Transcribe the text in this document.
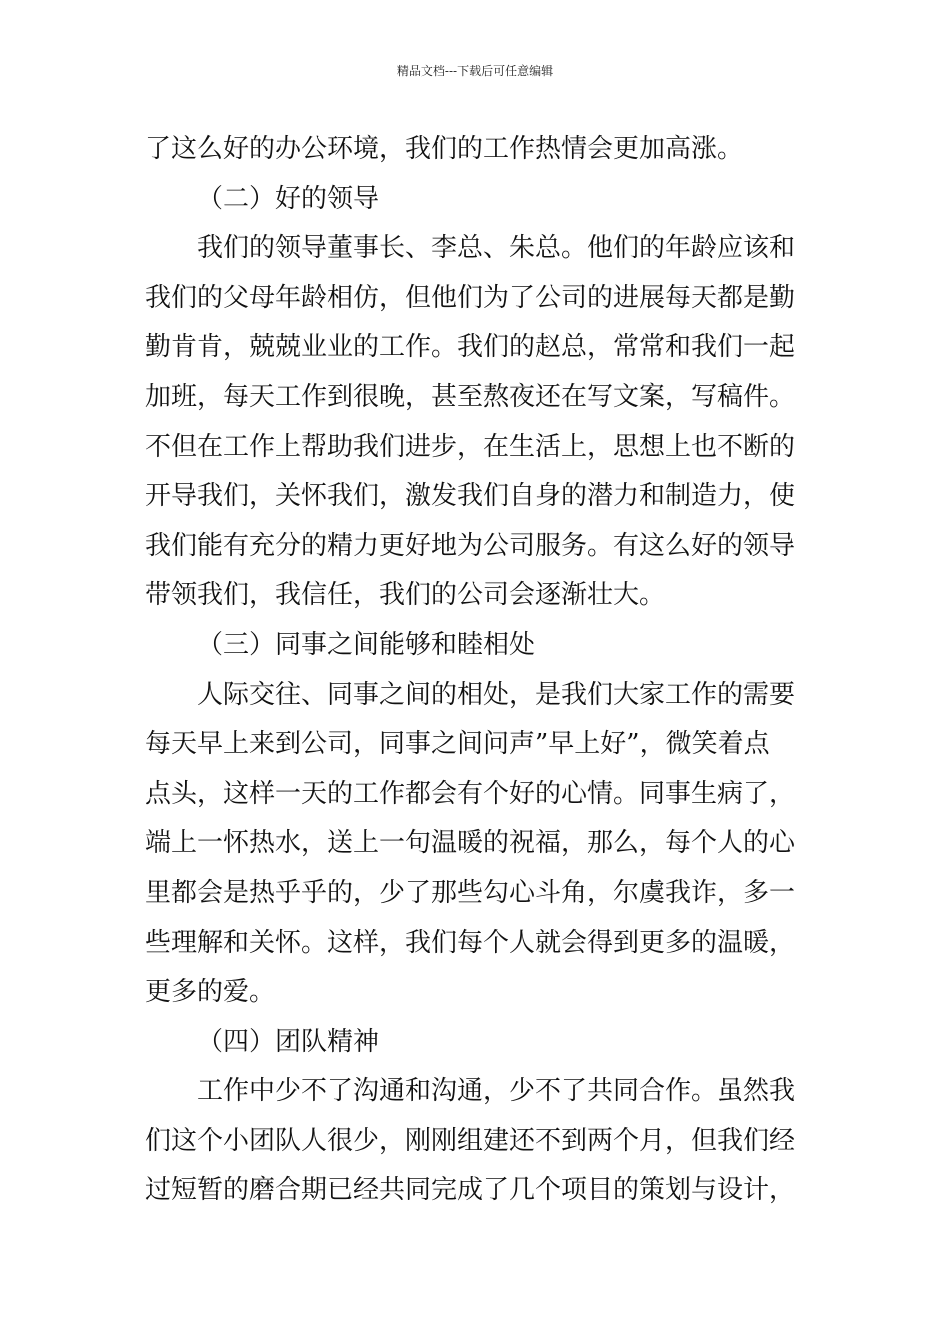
精品文档---下载后可任意编辑
了这么好的办公环境，我们的工作热情会更加高涨。
（二）好的领导
我们的领导董事长、李总、朱总。他们的年龄应该和
我们的父母年龄相仿，但他们为了公司的进展每天都是勤
勤肯肯，兢兢业业的工作。我们的赵总，常常和我们一起
加班，每天工作到很晚，甚至熬夜还在写文案，写稿件。
不但在工作上帮助我们进步，在生活上，思想上也不断的
开导我们，关怀我们，激发我们自身的潜力和制造力，使
我们能有充分的精力更好地为公司服务。有这么好的领导
带领我们，我信任，我们的公司会逐渐壮大。
（三）同事之间能够和睦相处
人际交往、同事之间的相处，是我们大家工作的需要
每天早上来到公司，同事之间问声”早上好”，微笑着点
点头，这样一天的工作都会有个好的心情。同事生病了，
端上一怀热水，送上一句温暖的祝福，那么，每个人的心
里都会是热乎乎的，少了那些勾心斗角，尔虞我诈，多一
些理解和关怀。这样，我们每个人就会得到更多的温暖，
更多的爱。
（四）团队精神
工作中少不了沟通和沟通，少不了共同合作。虽然我
们这个小团队人很少，刚刚组建还不到两个月，但我们经
过短暂的磨合期已经共同完成了几个项目的策划与设计，
